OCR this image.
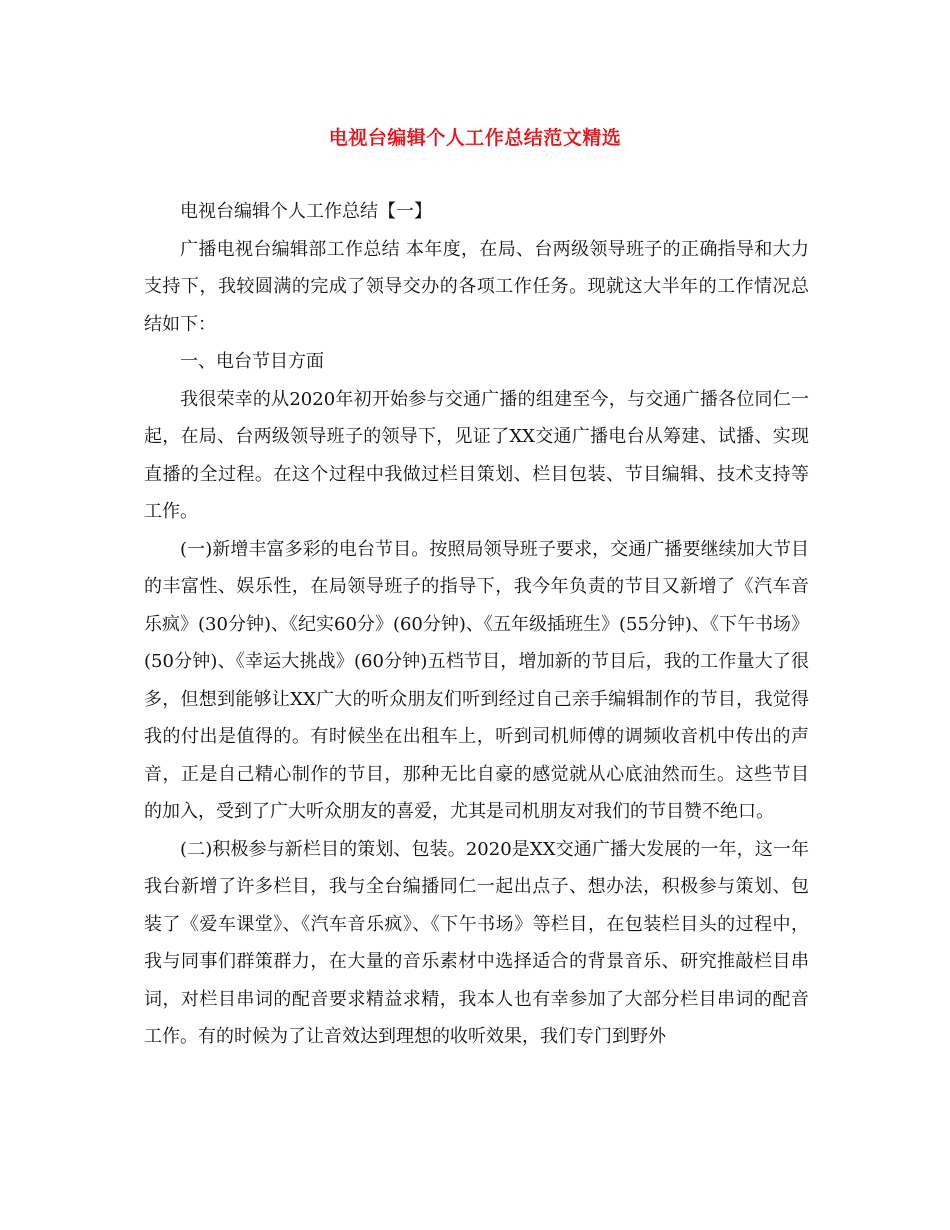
电视台编辑个人工作总结范文精选

电视台编辑个人工作总结【一】

广播电视台编辑部工作总结 本年度，在局、台两级领导班子的正确指导和大力支持下，我较圆满的完成了领导交办的各项工作任务。现就这大半年的工作情况总结如下：

一、电台节目方面

我很荣幸的从2020年初开始参与交通广播的组建至今，与交通广播各位同仁一起，在局、台两级领导班子的领导下，见证了XX交通广播电台从筹建、试播、实现直播的全过程。在这个过程中我做过栏目策划、栏目包装、节目编辑、技术支持等工作。

(一)新增丰富多彩的电台节目。按照局领导班子要求，交通广播要继续加大节目的丰富性、娱乐性，在局领导班子的指导下，我今年负责的节目又新增了《汽车音乐疯》(30分钟)、《纪实60分》(60分钟)、《五年级插班生》(55分钟)、《下午书场》(50分钟)、《幸运大挑战》(60分钟)五档节目，增加新的节目后，我的工作量大了很多，但想到能够让XX广大的听众朋友们听到经过自己亲手编辑制作的节目，我觉得我的付出是值得的。有时候坐在出租车上，听到司机师傅的调频收音机中传出的声音，正是自己精心制作的节目，那种无比自豪的感觉就从心底油然而生。这些节目的加入，受到了广大听众朋友的喜爱，尤其是司机朋友对我们的节目赞不绝口。

(二)积极参与新栏目的策划、包装。2020是XX交通广播大发展的一年，这一年我台新增了许多栏目，我与全台编播同仁一起出点子、想办法，积极参与策划、包装了《爱车课堂》、《汽车音乐疯》、《下午书场》等栏目，在包装栏目头的过程中，我与同事们群策群力，在大量的音乐素材中选择适合的背景音乐、研究推敲栏目串词，对栏目串词的配音要求精益求精，我本人也有幸参加了大部分栏目串词的配音工作。有的时候为了让音效达到理想的收听效果，我们专门到野外
